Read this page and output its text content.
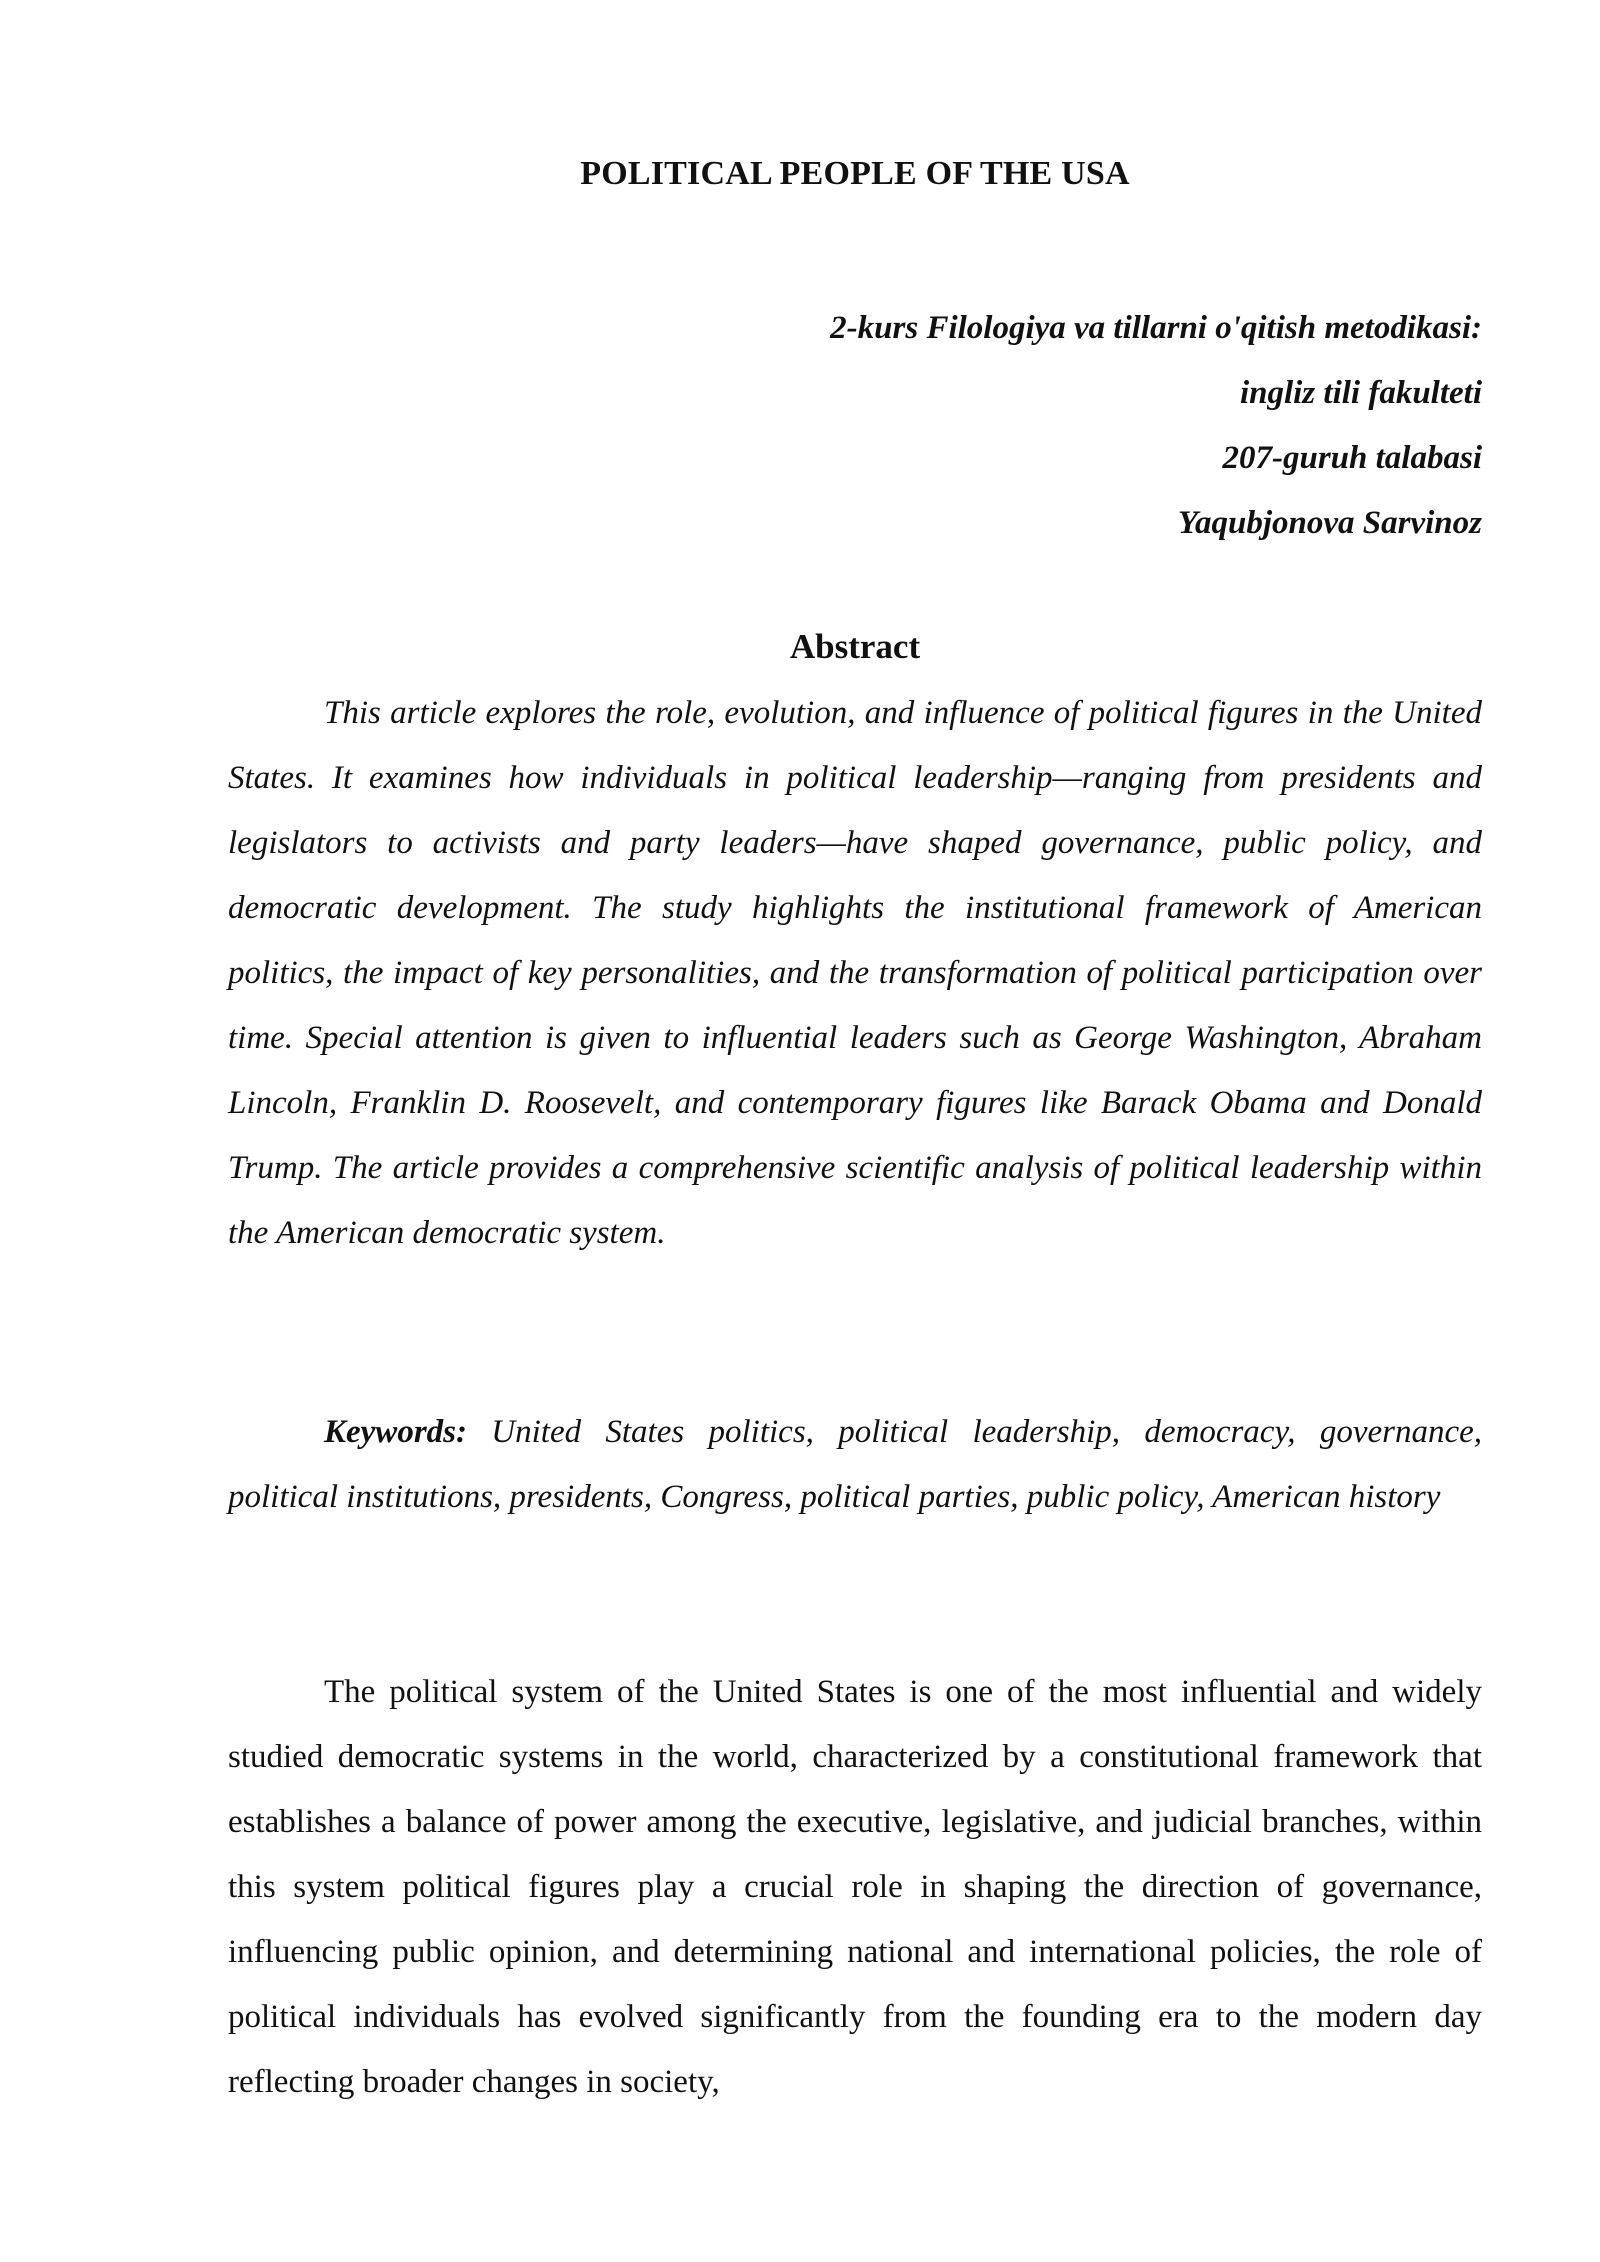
POLITICAL PEOPLE OF THE USA
2-kurs Filologiya va tillarni o'qitish metodikasi:
ingliz tili fakulteti
207-guruh talabasi
Yaqubjonova Sarvinoz
Abstract

This article explores the role, evolution, and influence of political figures in the United States. It examines how individuals in political leadership—ranging from presidents and legislators to activists and party leaders—have shaped governance, public policy, and democratic development. The study highlights the institutional framework of American politics, the impact of key personalities, and the transformation of political participation over time. Special attention is given to influential leaders such as George Washington, Abraham Lincoln, Franklin D. Roosevelt, and contemporary figures like Barack Obama and Donald Trump. The article provides a comprehensive scientific analysis of political leadership within the American democratic system.

Keywords: United States politics, political leadership, democracy, governance, political institutions, presidents, Congress, political parties, public policy, American history

The political system of the United States is one of the most influential and widely studied democratic systems in the world, characterized by a constitutional framework that establishes a balance of power among the executive, legislative, and judicial branches, within this system political figures play a crucial role in shaping the direction of governance, influencing public opinion, and determining national and international policies, the role of political individuals has evolved significantly from the founding era to the modern day reflecting broader changes in society,
